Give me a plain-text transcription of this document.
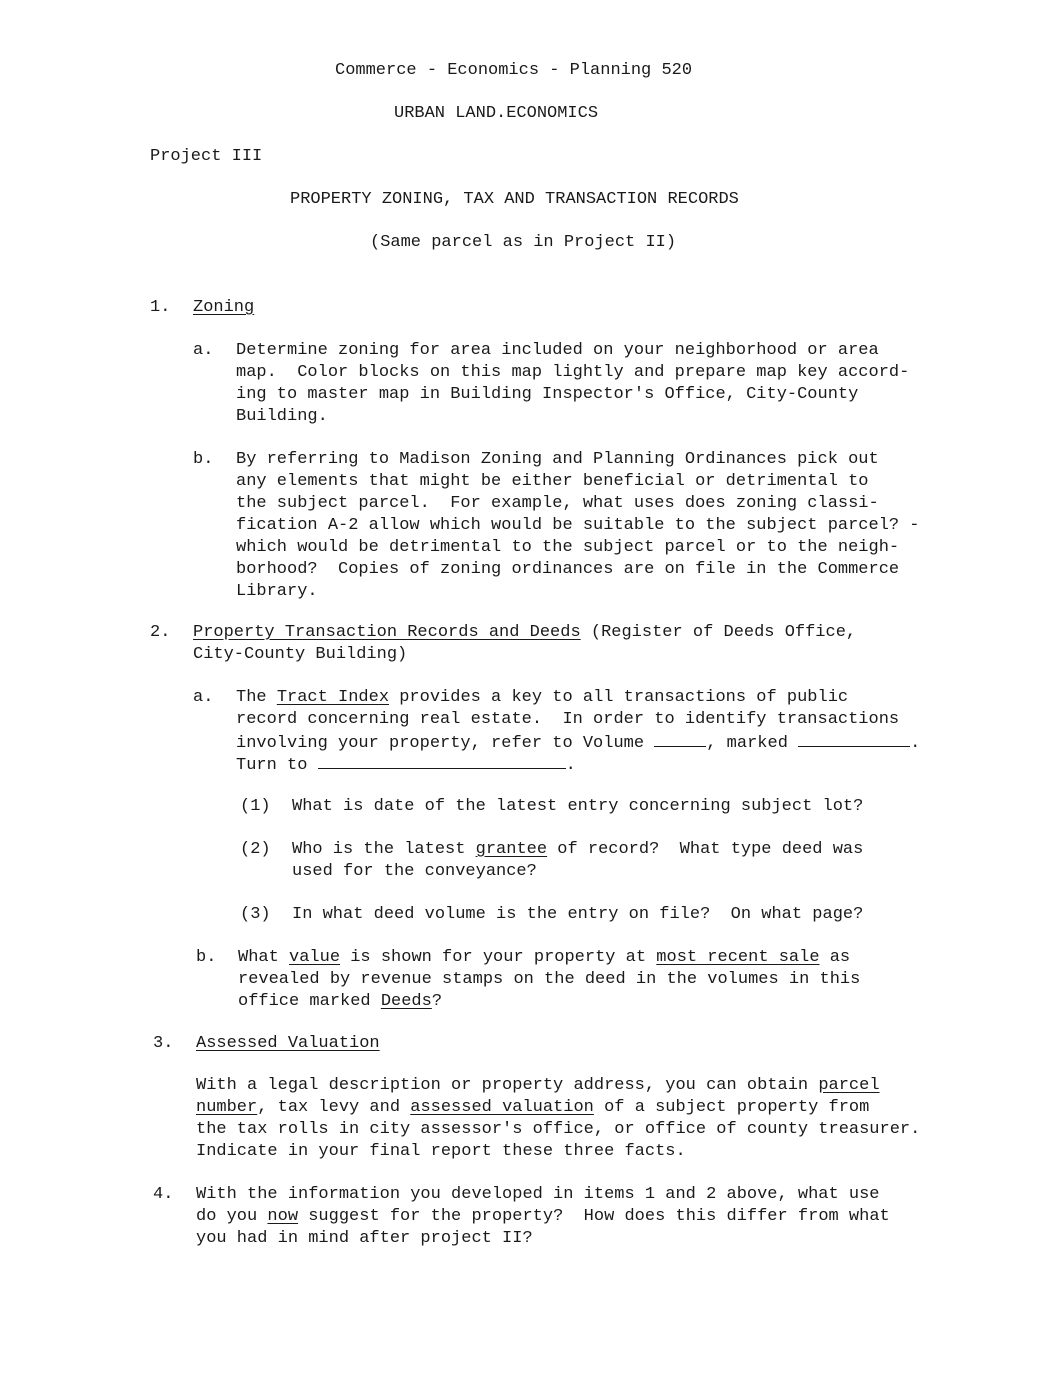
Commerce - Economics - Planning 520
URBAN LAND.ECONOMICS
Project III
PROPERTY ZONING, TAX AND TRANSACTION RECORDS
(Same parcel as in Project II)
1. Zoning
a. Determine zoning for area included on your neighborhood or area
map.  Color blocks on this map lightly and prepare map key accord-
ing to master map in Building Inspector's Office, City-County
Building.
b. By referring to Madison Zoning and Planning Ordinances pick out
any elements that might be either beneficial or detrimental to
the subject parcel.  For example, what uses does zoning classi-
fication A-2 allow which would be suitable to the subject parcel? -
which would be detrimental to the subject parcel or to the neigh-
borhood?  Copies of zoning ordinances are on file in the Commerce
Library.
2. Property Transaction Records and Deeds (Register of Deeds Office,
City-County Building)
a. The Tract Index provides a key to all transactions of public
record concerning real estate.  In order to identify transactions
involving your property, refer to Volume	, marked	.
Turn to	.
(1) What is date of the latest entry concerning subject lot?
(2) Who is the latest grantee of record?  What type deed was
used for the conveyance?
(3) In what deed volume is the entry on file?  On what page?
b. What value is shown for your property at most recent sale as
revealed by revenue stamps on the deed in the volumes in this
office marked Deeds?
3. Assessed Valuation
With a legal description or property address, you can obtain parcel
number, tax levy and assessed valuation of a subject property from
the tax rolls in city assessor's office, or office of county treasurer.
Indicate in your final report these three facts.
4. With the information you developed in items 1 and 2 above, what use
do you now suggest for the property?  How does this differ from what
you had in mind after project II?
